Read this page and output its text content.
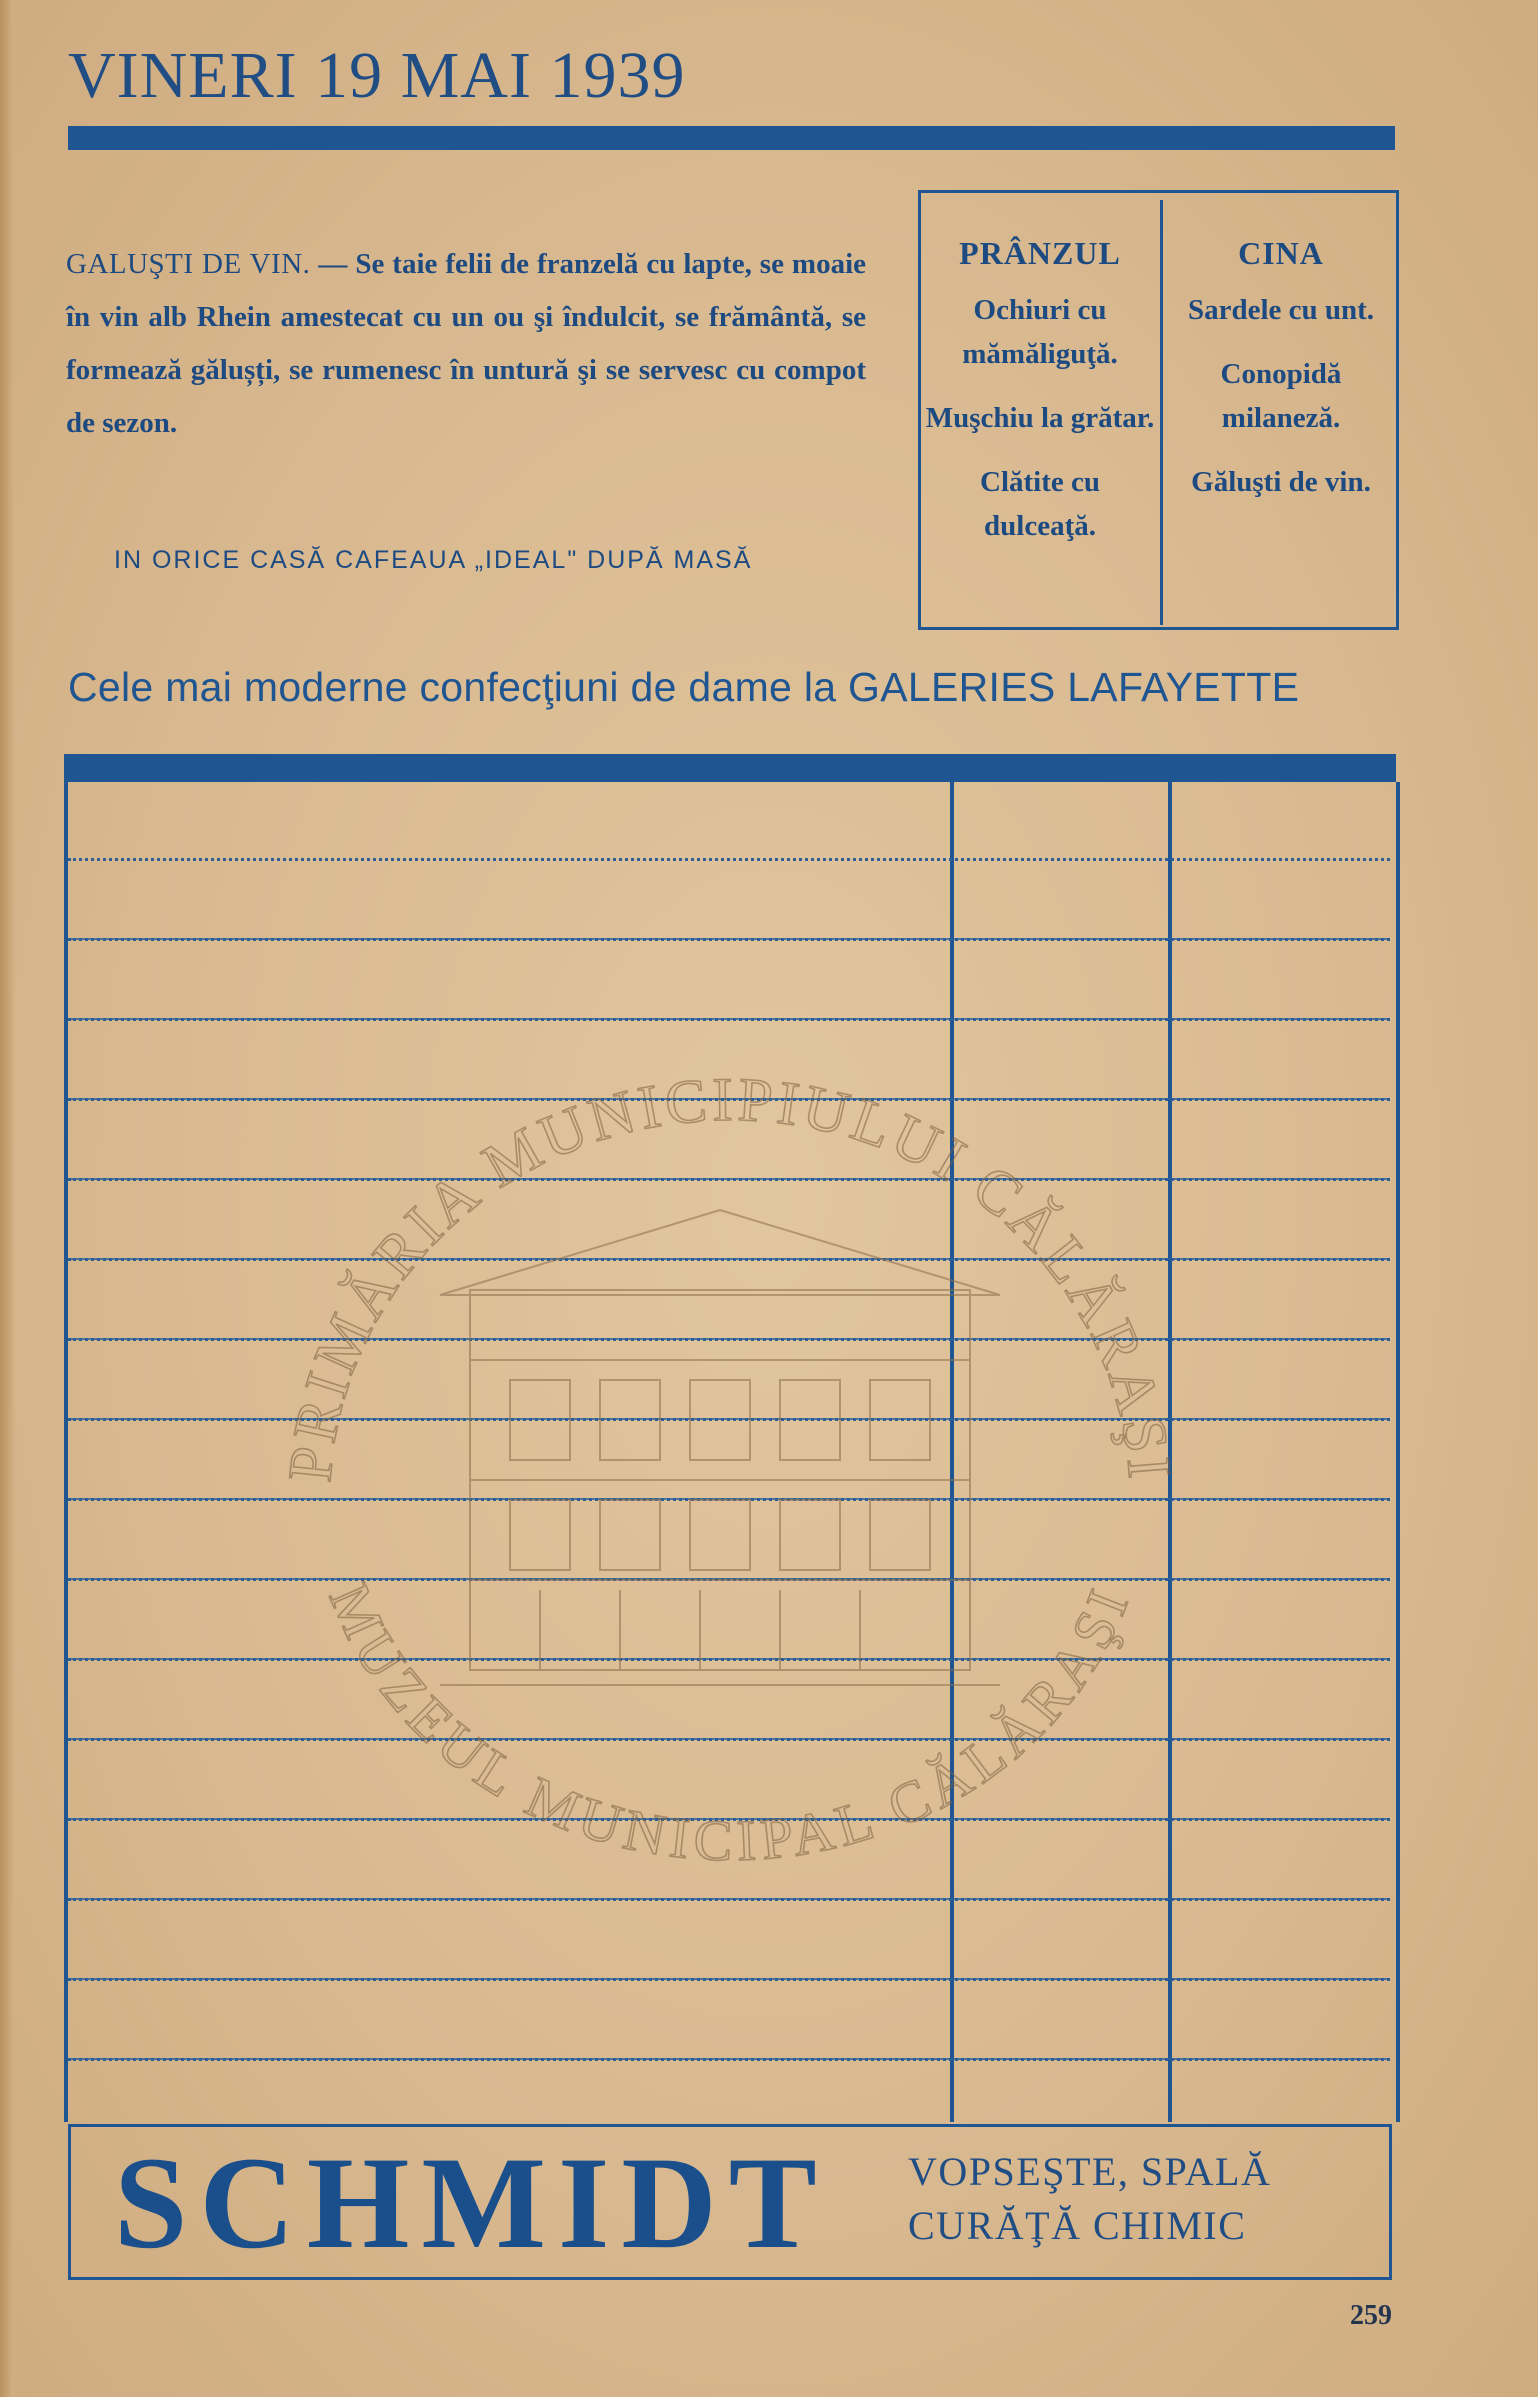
VINERI 19 MAI 1939
GALUŞTI DE VIN. — Se taie felii de franzelă cu lapte, se moaie în vin alb Rhein amestecat cu un ou şi îndulcit, se frământă, se formează gălușți, se rumenesc în untură şi se servesc cu compot de sezon.
IN ORICE CASĂ CAFEAUA „IDEAL" DUPĂ MASĂ
PRÂNZUL
Ochiuri cu mămăliguţă.
Muşchiu la grătar.
Clătite cu dulceaţă.
CINA
Sardele cu unt.
Conopidă milaneză.
Găluşti de vin.
Cele mai moderne confecţiuni de dame la GALERIES LAFAYETTE
PRIMĂRIA MUNICIPIULUI CĂLĂRAŞI
MUZEUL MUNICIPAL CĂLĂRAŞI
SCHMIDT VOPSEŞTE, SPALĂ
CURĂŢĂ CHIMIC
259
